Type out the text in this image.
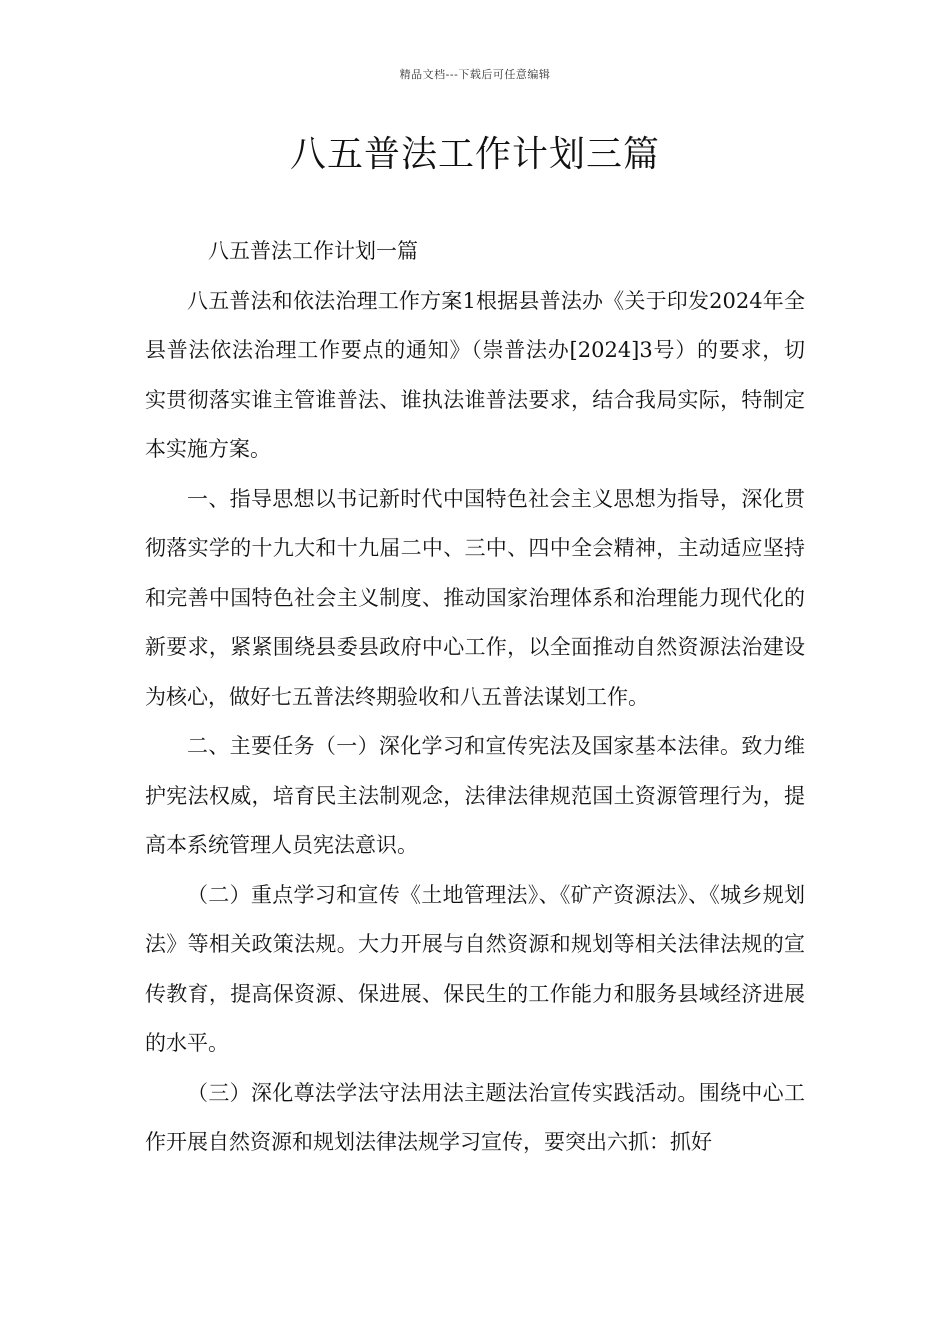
精品文档---下载后可任意编辑
八五普法工作计划三篇

八五普法工作计划一篇

八五普法和依法治理工作方案1根据县普法办《关于印发2024年全县普法依法治理工作要点的通知》（崇普法办[2024]3号）的要求，切实贯彻落实谁主管谁普法、谁执法谁普法要求，结合我局实际，特制定本实施方案。

一、指导思想以书记新时代中国特色社会主义思想为指导，深化贯彻落实学的十九大和十九届二中、三中、四中全会精神，主动适应坚持和完善中国特色社会主义制度、推动国家治理体系和治理能力现代化的新要求，紧紧围绕县委县政府中心工作，以全面推动自然资源法治建设为核心，做好七五普法终期验收和八五普法谋划工作。

二、主要任务（一）深化学习和宣传宪法及国家基本法律。致力维护宪法权威，培育民主法制观念，法律法律规范国土资源管理行为，提高本系统管理人员宪法意识。

（二）重点学习和宣传《土地管理法》、《矿产资源法》、《城乡规划法》等相关政策法规。大力开展与自然资源和规划等相关法律法规的宣传教育，提高保资源、保进展、保民生的工作能力和服务县域经济进展的水平。

（三）深化尊法学法守法用法主题法治宣传实践活动。围绕中心工作开展自然资源和规划法律法规学习宣传，要突出六抓：抓好
